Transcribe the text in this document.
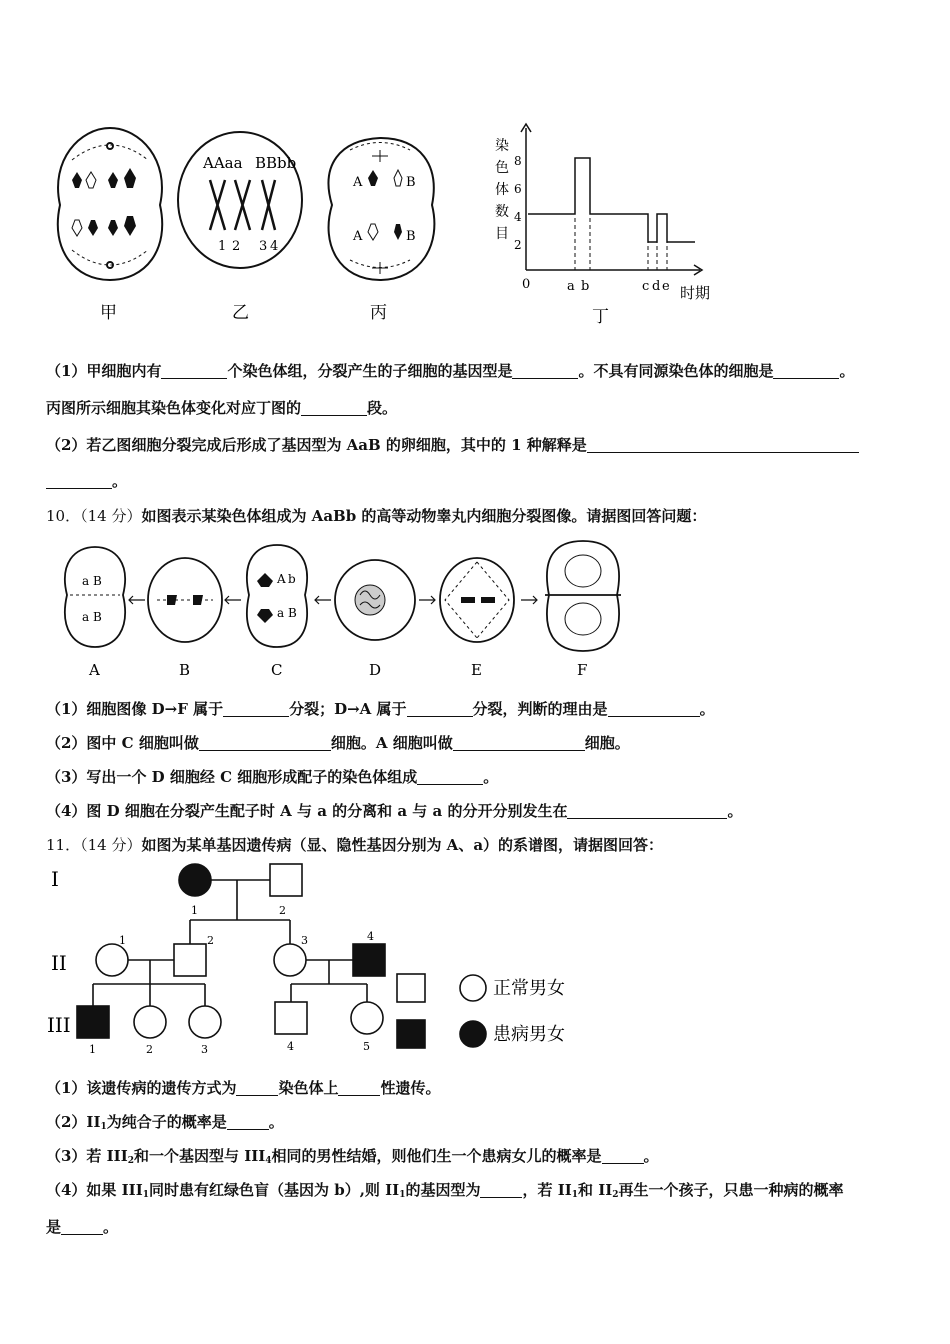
甲
AAaa BBbb
1 2 3 4
乙
A	B
A	B
丙
染
色
体
数
目
2
4
6
8
0	a b	c d e 时期
丁
（1）甲细胞内有	个染色体组，分裂产生的子细胞的基因型是	。不具有同源染色体的细胞是	。
丙图所示细胞其染色体变化对应丁图的	段。
（2）若乙图细胞分裂完成后形成了基因型为 AaB 的卵细胞，其中的 1 种解释是
。
10．（14 分）如图表示某染色体组成为 AaBb 的高等动物睾丸内细胞分裂图像。请据图回答问题：
a B
a B
A	B
A b
a B
C	D	E	F
（1）细胞图像 D→F 属于	分裂；D→A 属于	分裂，判断的理由是	。
（2）图中 C 细胞叫做	细胞。A 细胞叫做	细胞。
（3）写出一个 D 细胞经 C 细胞形成配子的染色体组成	。
（4）图 D 细胞在分裂产生配子时 A 与 a 的分离和 a 与 a 的分开分别发生在	。
11．（14 分）如图为某单基因遗传病（显、隐性基因分别为 A、a）的系谱图，请据图回答：
I
II
III
1	2
1	2	3	4
1	2	3	4	5
正常男女
患病男女
（1）该遗传病的遗传方式为	染色体上	性遗传。
$(2)II_1$为纯合子的概率是	。
（3）若 $III_2$和一个基因型与 $III_4$相同的男性结婚，则他们生一个患病女儿的概率是	。
（4）如果 $III_1$同时患有红绿色盲（基因为 b）,则 $II_1$的基因型为	，若 $II_1$和 $II_2$再生一个孩子，只患一种病的概率
是	。
